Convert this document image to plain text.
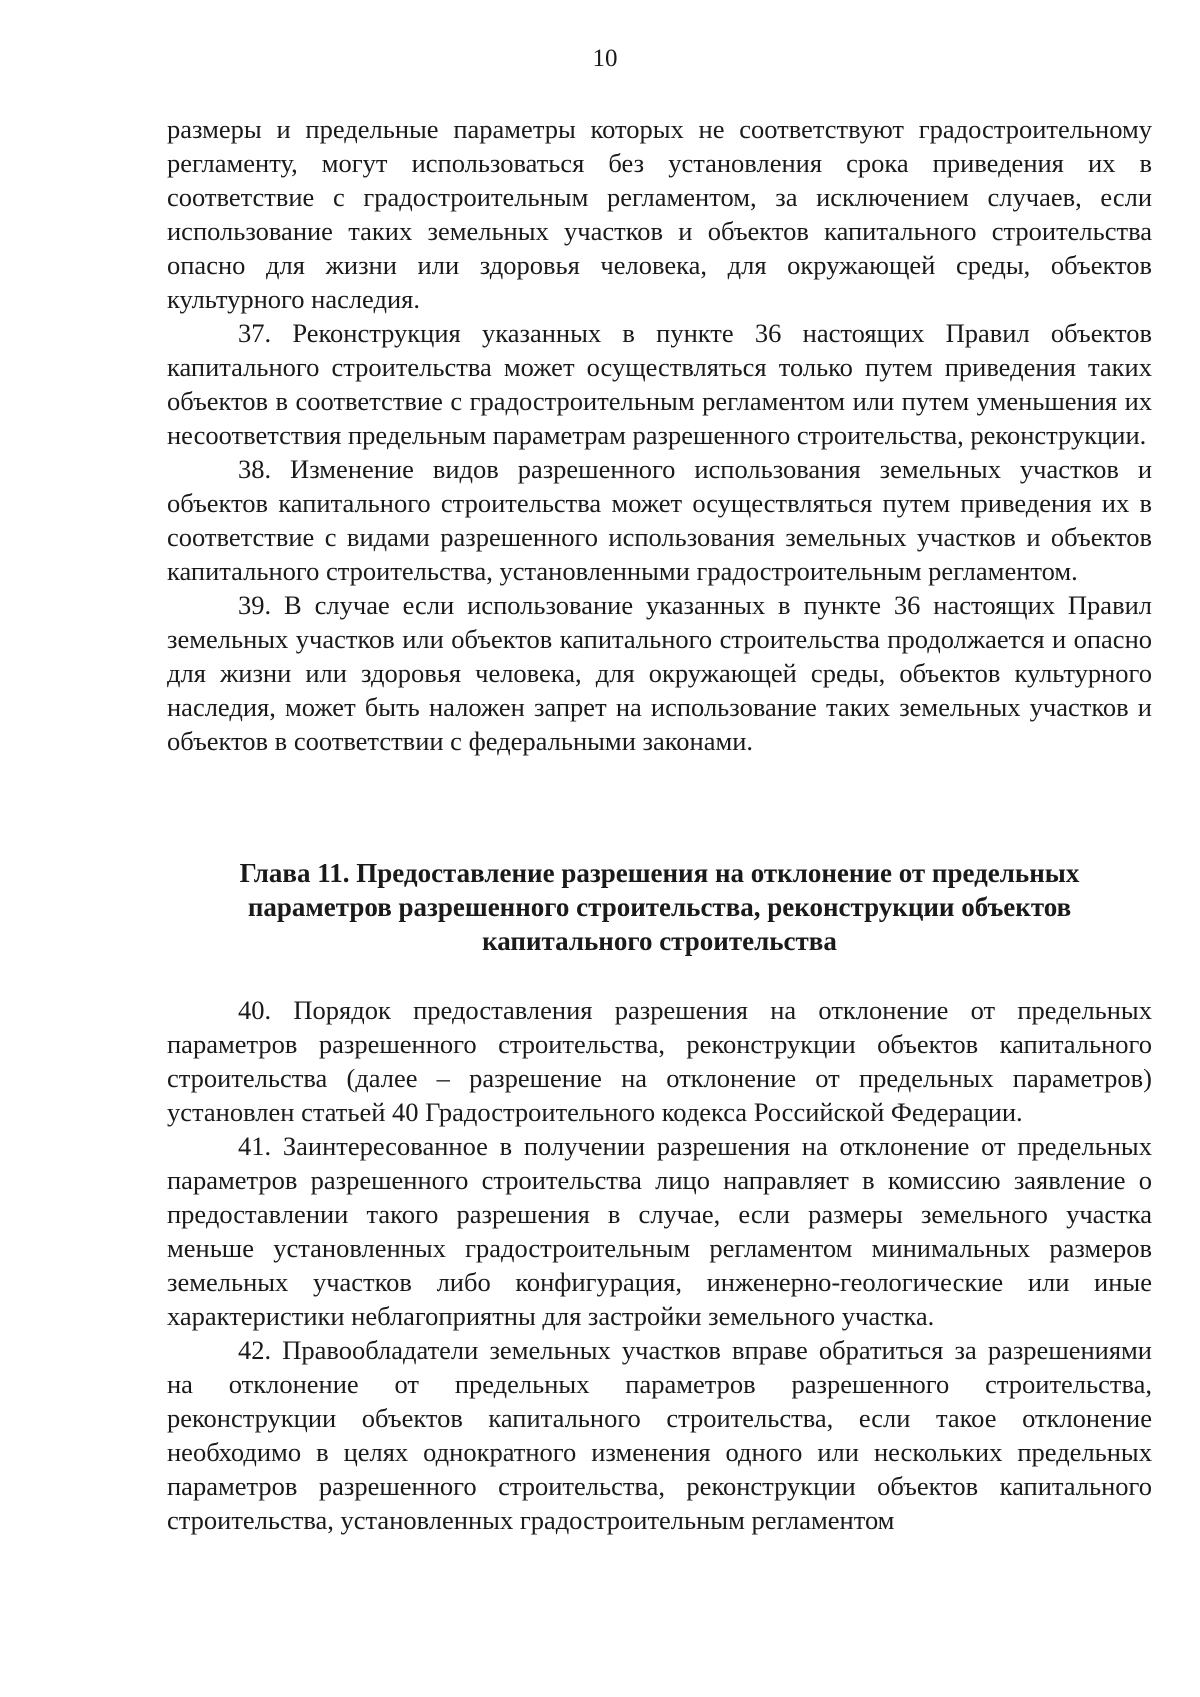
10

размеры и предельные параметры которых не соответствуют градостроительному регламенту, могут использоваться без установления срока приведения их в соответствие с градостроительным регламентом, за исключением случаев, если использование таких земельных участков и объектов капитального строительства опасно для жизни или здоровья человека, для окружающей среды, объектов культурного наследия.

37. Реконструкция указанных в пункте 36 настоящих Правил объектов капитального строительства может осуществляться только путем приведения таких объектов в соответствие с градостроительным регламентом или путем уменьшения их несоответствия предельным параметрам разрешенного строительства, реконструкции.

38. Изменение видов разрешенного использования земельных участков и объектов капитального строительства может осуществляться путем приведения их в соответствие с видами разрешенного использования земельных участков и объектов капитального строительства, установленными градостроительным регламентом.

39. В случае если использование указанных в пункте 36 настоящих Правил земельных участков или объектов капитального строительства продолжается и опасно для жизни или здоровья человека, для окружающей среды, объектов культурного наследия, может быть наложен запрет на использование таких земельных участков и объектов в соответствии с федеральными законами.

Глава 11. Предоставление разрешения на отклонение от предельных
параметров разрешенного строительства, реконструкции объектов
капитального строительства

40. Порядок предоставления разрешения на отклонение от предельных параметров разрешенного строительства, реконструкции объектов капитального строительства (далее – разрешение на отклонение от предельных параметров) установлен статьей 40 Градостроительного кодекса Российской Федерации.

41. Заинтересованное в получении разрешения на отклонение от предельных параметров разрешенного строительства лицо направляет в комиссию заявление о предоставлении такого разрешения в случае, если размеры земельного участка меньше установленных градостроительным регламентом минимальных размеров земельных участков либо конфигурация, инженерно-геологические или иные характеристики неблагоприятны для застройки земельного участка.

42. Правообладатели земельных участков вправе обратиться за разрешениями на отклонение от предельных параметров разрешенного строительства, реконструкции объектов капитального строительства, если такое отклонение необходимо в целях однократного изменения одного или нескольких предельных параметров разрешенного строительства, реконструкции объектов капитального строительства, установленных градостроительным регламентом
